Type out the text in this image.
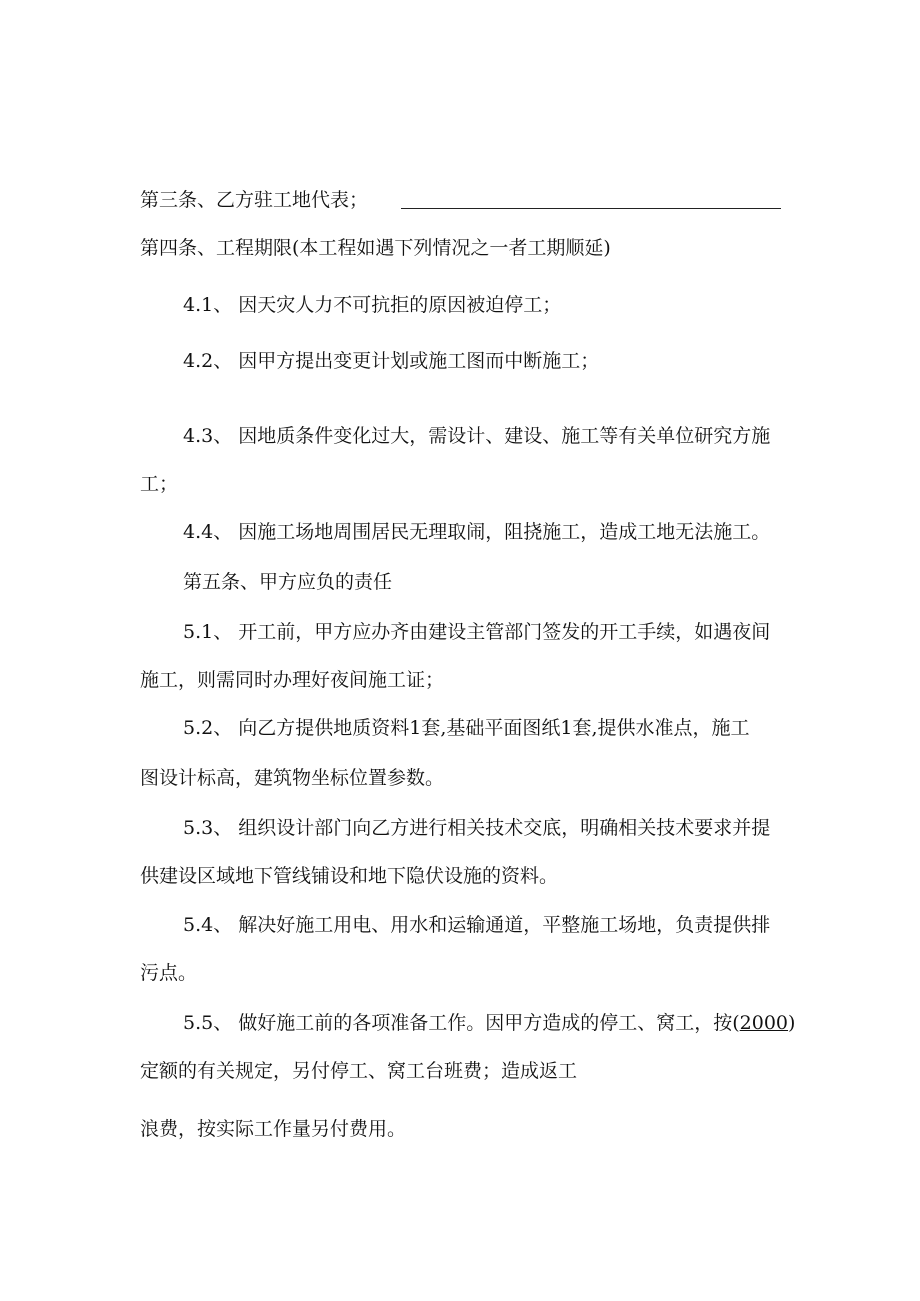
第三条、乙方驻工地代表；
第四条、工程期限(本工程如遇下列情况之一者工期顺延)
4.1、 因天灾人力不可抗拒的原因被迫停工；
4.2、 因甲方提出变更计划或施工图而中断施工；
4.3、 因地质条件变化过大，需设计、建设、施工等有关单位研究方施
工；
4.4、 因施工场地周围居民无理取闹，阻挠施工，造成工地无法施工。
第五条、甲方应负的责任
5.1、 开工前，甲方应办齐由建设主管部门签发的开工手续，如遇夜间
施工，则需同时办理好夜间施工证；
5.2、 向乙方提供地质资料1套,基础平面图纸1套,提供水准点，施工
图设计标高，建筑物坐标位置参数。
5.3、 组织设计部门向乙方进行相关技术交底，明确相关技术要求并提
供建设区域地下管线铺设和地下隐伏设施的资料。
5.4、 解决好施工用电、用水和运输通道，平整施工场地，负责提供排
污点。
5.5、 做好施工前的各项准备工作。因甲方造成的停工、窝工，按(2000)
定额的有关规定，另付停工、窝工台班费；造成返工
浪费，按实际工作量另付费用。
